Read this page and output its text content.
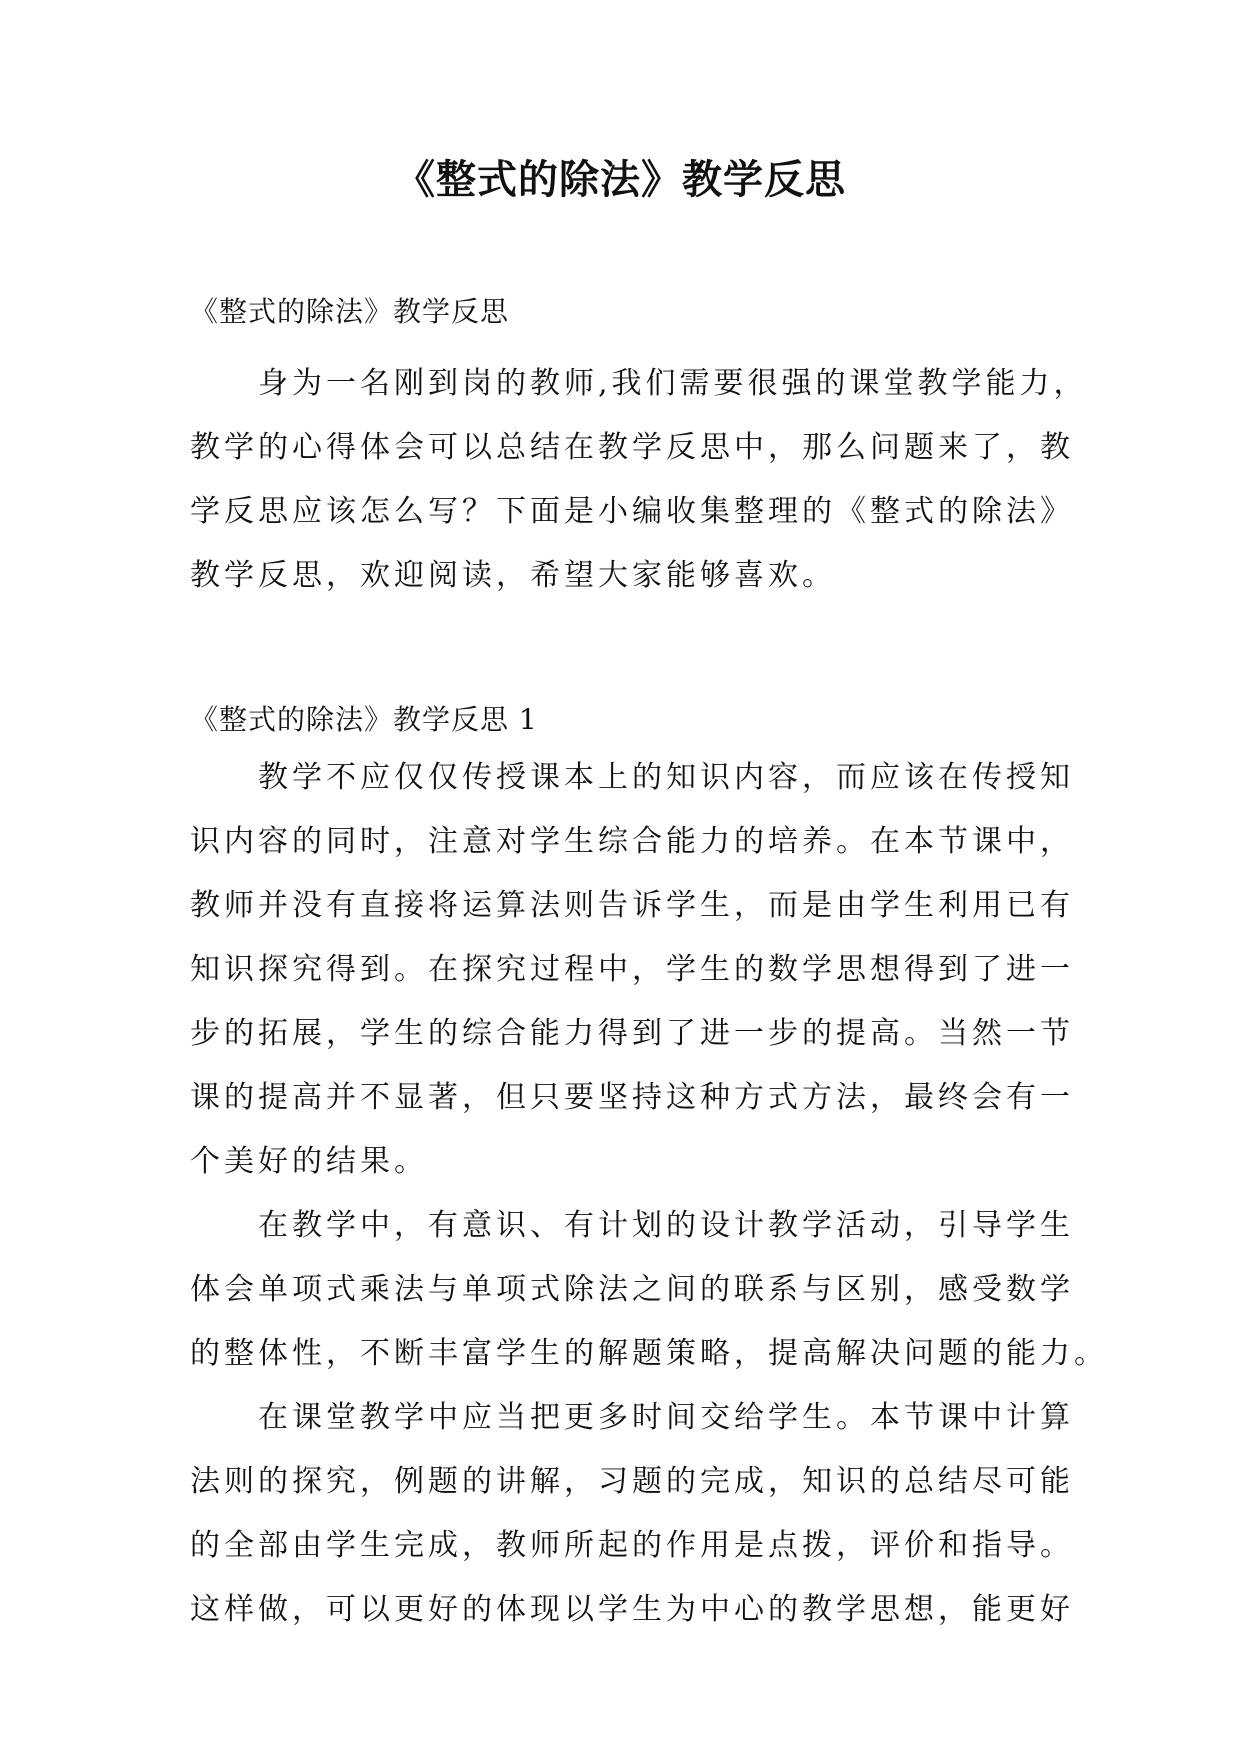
《整式的除法》教学反思
《整式的除法》教学反思
身为一名刚到岗的教师,我们需要很强的课堂教学能力，
教学的心得体会可以总结在教学反思中，那么问题来了，教
学反思应该怎么写？下面是小编收集整理的《整式的除法》
教学反思，欢迎阅读，希望大家能够喜欢。
《整式的除法》教学反思 1
教学不应仅仅传授课本上的知识内容，而应该在传授知
识内容的同时，注意对学生综合能力的培养。在本节课中，
教师并没有直接将运算法则告诉学生，而是由学生利用已有
知识探究得到。在探究过程中，学生的数学思想得到了进一
步的拓展，学生的综合能力得到了进一步的提高。当然一节
课的提高并不显著，但只要坚持这种方式方法，最终会有一
个美好的结果。
在教学中，有意识、有计划的设计教学活动，引导学生
体会单项式乘法与单项式除法之间的联系与区别，感受数学
的整体性，不断丰富学生的解题策略，提高解决问题的能力。
在课堂教学中应当把更多时间交给学生。本节课中计算
法则的探究，例题的讲解，习题的完成，知识的总结尽可能
的全部由学生完成，教师所起的作用是点拨，评价和指导。
这样做，可以更好的体现以学生为中心的教学思想，能更好
